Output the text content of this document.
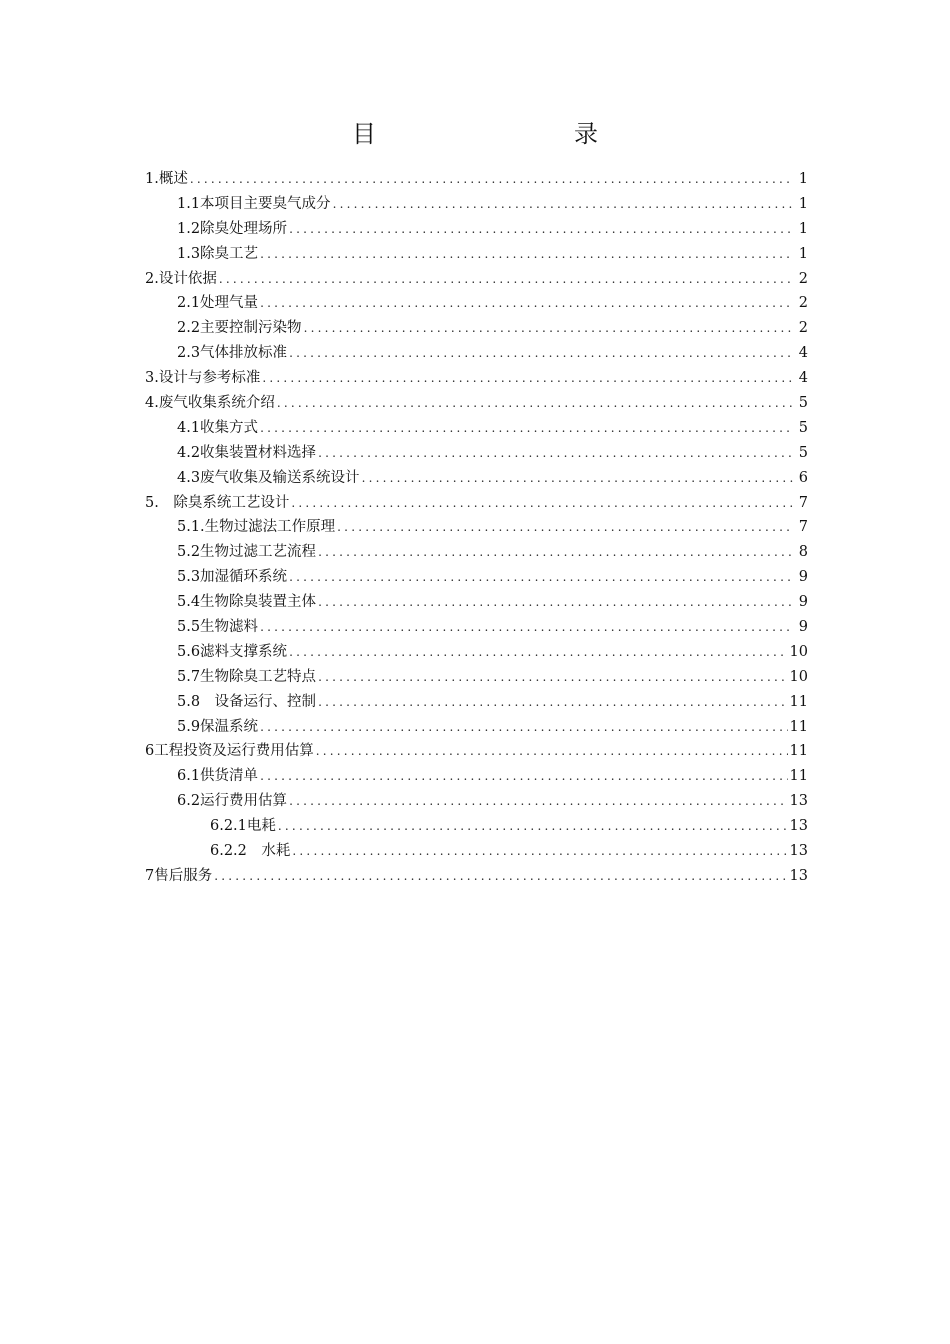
目　　录
1.概述 .....	1
1.1本项目主要臭气成分 .....	1
1.2除臭处理场所 .....	1
1.3除臭工艺 .....	1
2.设计依据 .....	2
2.1处理气量 .....	2
2.2主要控制污染物 .....	2
2.3气体排放标准 .....	4
3.设计与参考标准 .....	4
4.废气收集系统介绍 .....	5
4.1收集方式 .....	5
4.2收集装置材料选择 .....	5
4.3废气收集及输送系统设计 .....	6
5.　除臭系统工艺设计 .....	7
5.1.生物过滤法工作原理 .....	7
5.2生物过滤工艺流程 .....	8
5.3加湿循环系统 .....	9
5.4生物除臭装置主体 .....	9
5.5生物滤料 .....	9
5.6滤料支撑系统 .....	10
5.7生物除臭工艺特点 .....	10
5.8　设备运行、控制 .....	11
5.9保温系统 .....	11
6工程投资及运行费用估算 .....	11
6.1供货清单 .....	11
6.2运行费用估算 .....	13
6.2.1电耗 .....	13
6.2.2　水耗 .....	13
7售后服务 .....	13
